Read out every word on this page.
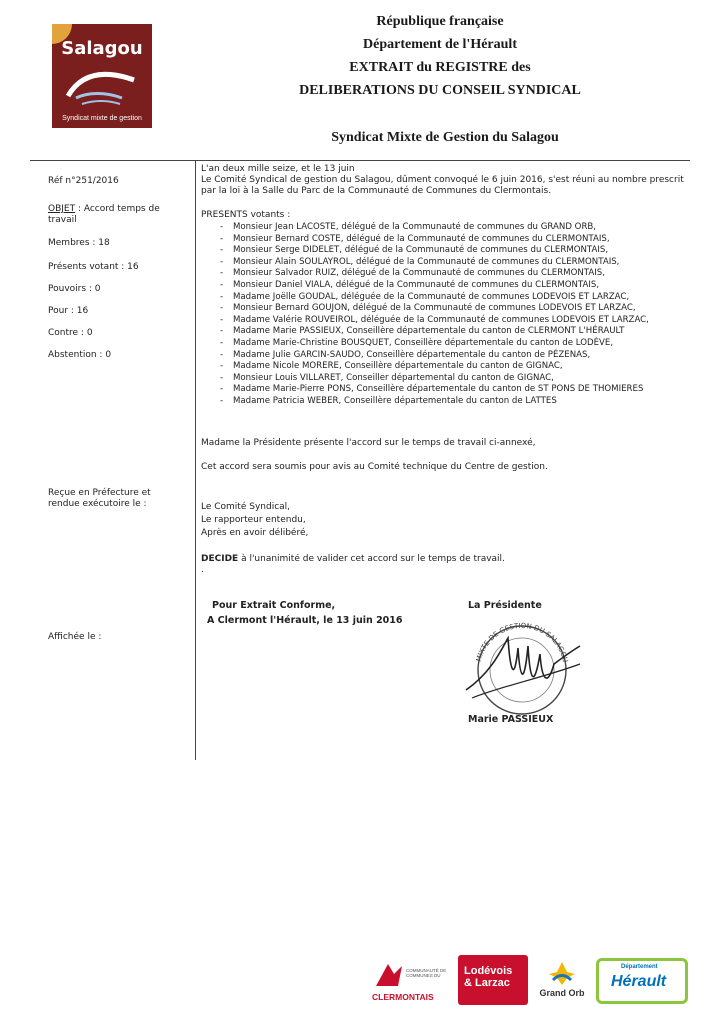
Salagou
Syndicat mixte de gestion
République française
Département de l'Hérault
EXTRAIT du REGISTRE des
DELIBERATIONS DU CONSEIL SYNDICAL
Syndicat Mixte de Gestion du Salagou
Réf n°251/2016
OBJET : Accord temps de
travail
Membres : 18
Présents votant : 16
Pouvoirs : 0
Pour : 16
Contre : 0
Abstention : 0
Reçue en Préfecture et
rendue exécutoire le :
Affichée le :
L'an deux mille seize, et le 13 juin
Le Comité Syndical de gestion du Salagou, dûment convoqué le 6 juin 2016, s'est réuni au nombre prescrit
par la loi à la Salle du Parc de la Communauté de Communes du Clermontais.
PRESENTS votants :
- Monsieur Jean LACOSTE, délégué de la Communauté de communes du GRAND ORB,
- Monsieur Bernard COSTE, délégué de la Communauté de communes du CLERMONTAIS,
- Monsieur Serge DIDELET, délégué de la Communauté de communes du CLERMONTAIS,
- Monsieur Alain SOULAYROL, délégué de la Communauté de communes du CLERMONTAIS,
- Monsieur Salvador RUIZ, délégué de la Communauté de communes du CLERMONTAIS,
- Monsieur Daniel VIALA, délégué de la Communauté de communes du CLERMONTAIS,
- Madame Joëlle GOUDAL, déléguée de la Communauté de communes LODEVOIS ET LARZAC,
- Monsieur Bernard GOUJON, délégué de la Communauté de communes LODEVOIS ET LARZAC,
- Madame Valérie ROUVEIROL, déléguée de la Communauté de communes LODEVOIS ET LARZAC,
- Madame Marie PASSIEUX, Conseillère départementale du canton de CLERMONT L'HÉRAULT
- Madame Marie-Christine BOUSQUET, Conseillère départementale du canton de LODÈVE,
- Madame Julie GARCIN-SAUDO, Conseillère départementale du canton de PÉZENAS,
- Madame Nicole MORERE, Conseillère départementale du canton de GIGNAC,
- Monsieur Louis VILLARET, Conseiller départemental du canton de GIGNAC,
- Madame Marie-Pierre PONS, Conseillère départementale du canton de ST PONS DE THOMIERES
- Madame Patricia WEBER, Conseillère départementale du canton de LATTES
Madame la Présidente présente l'accord sur le temps de travail ci-annexé,
Cet accord sera soumis pour avis au Comité technique du Centre de gestion.
Le Comité Syndical,
Le rapporteur entendu,
Après en avoir délibéré,
DECIDE à l'unanimité de valider cet accord sur le temps de travail.
.
Pour Extrait Conforme,
A Clermont l'Hérault, le 13 juin 2016
La Présidente
MIXTE DE GESTION DU SALAGOU
Marie PASSIEUX
COMMUNAUTÉ DE COMMUNES DU
CLERMONTAIS
Lodévois
& Larzac
Grand Orb
Département
Hérault
